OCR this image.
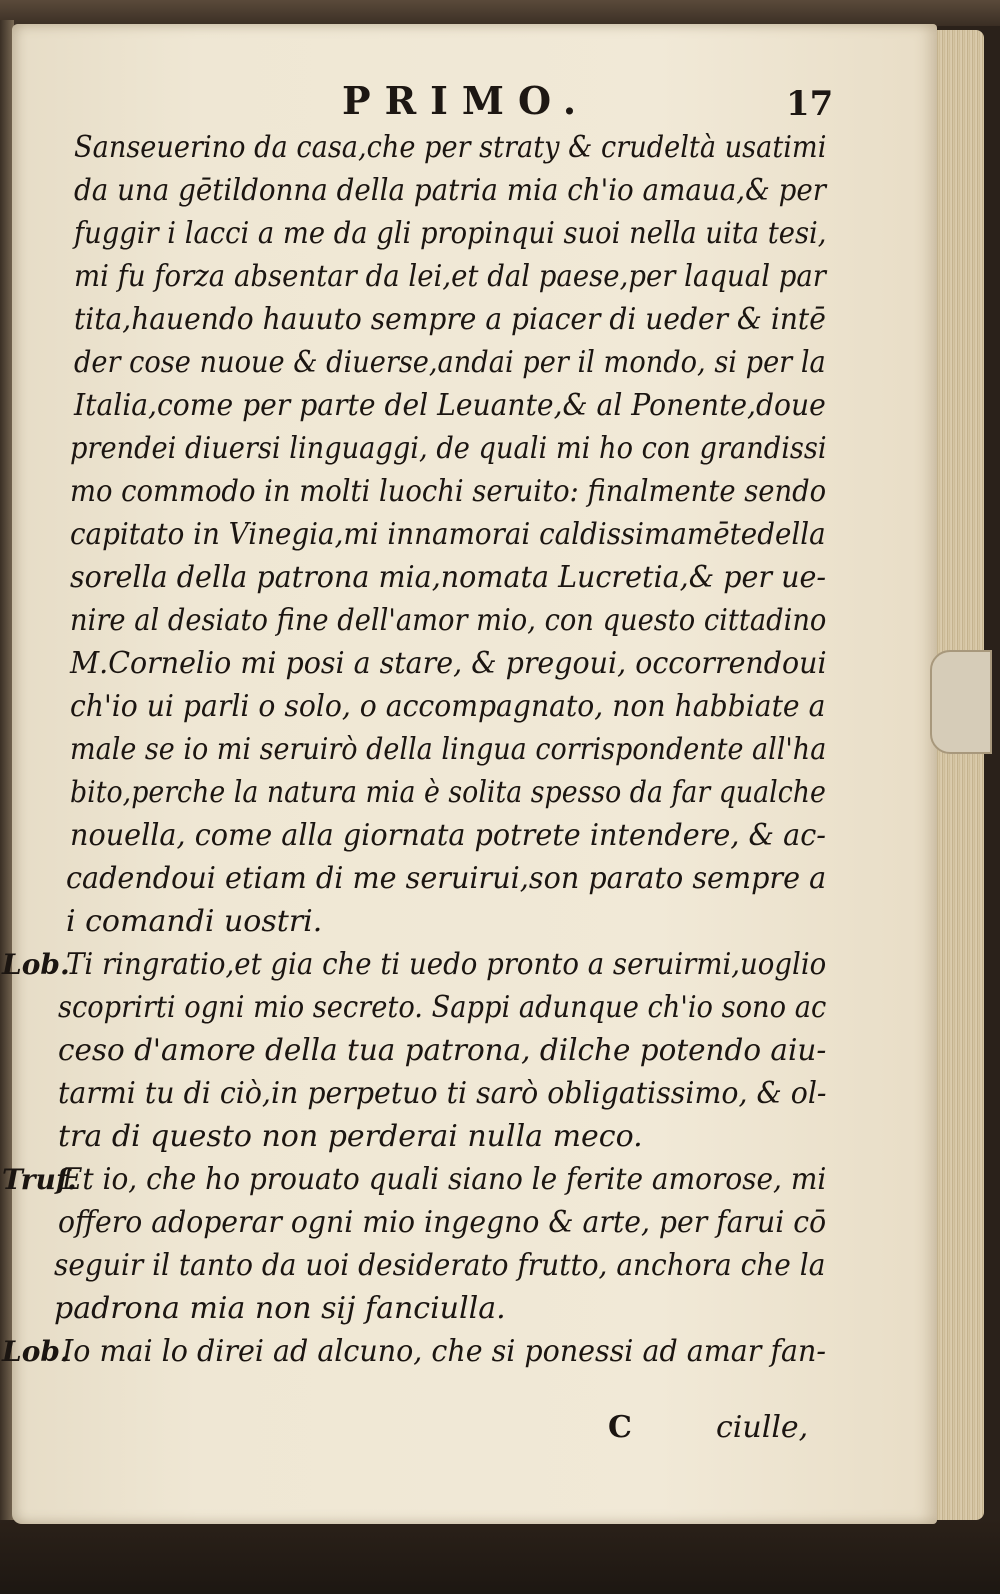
PRIMO.	17
Sanseuerino da casa,che per straty & crudeltà usatimi
da una gētildonna della patria mia ch'io amaua,& per
fuggir i lacci a me da gli propinqui suoi nella uita tesi,
mi fu forza absentar da lei,et dal paese,per laqual par
tita,hauendo hauuto sempre a piacer di ueder & intē
der cose nuoue & diuerse,andai per il mondo, si per la
Italia,come per parte del Leuante,& al Ponente,doue
prendei diuersi linguaggi, de quali mi ho con grandissi
mo commodo in molti luochi seruito: finalmente sendo
capitato in Vinegia,mi innamorai caldissimamētedella
sorella della patrona mia,nomata Lucretia,& per ue-
nire al desiato fine dell'amor mio, con questo cittadino
M.Cornelio mi posi a stare, & pregoui, occorrendoui
ch'io ui parli o solo, o accompagnato, non habbiate a
male se io mi seruirò della lingua corrispondente all'ha
bito,perche la natura mia è solita spesso da far qualche
nouella, come alla giornata potrete intendere, & ac-
cadendoui etiam di me seruirui,son parato sempre a
i comandi uostri.
Lob.
Ti ringratio,et gia che ti uedo pronto a seruirmi,uoglio
scoprirti ogni mio secreto. Sappi adunque ch'io sono ac
ceso d'amore della tua patrona, dilche potendo aiu-
tarmi tu di ciò,in perpetuo ti sarò obligatissimo, & ol-
tra di questo non perderai nulla meco.
Truf.
Et io, che ho prouato quali siano le ferite amorose, mi
offero adoperar ogni mio ingegno & arte, per farui cō
seguir il tanto da uoi desiderato frutto, anchora che la
padrona mia non sij fanciulla.
Lob.
Io mai lo direi ad alcuno, che si ponessi ad amar fan-
C	ciulle,
